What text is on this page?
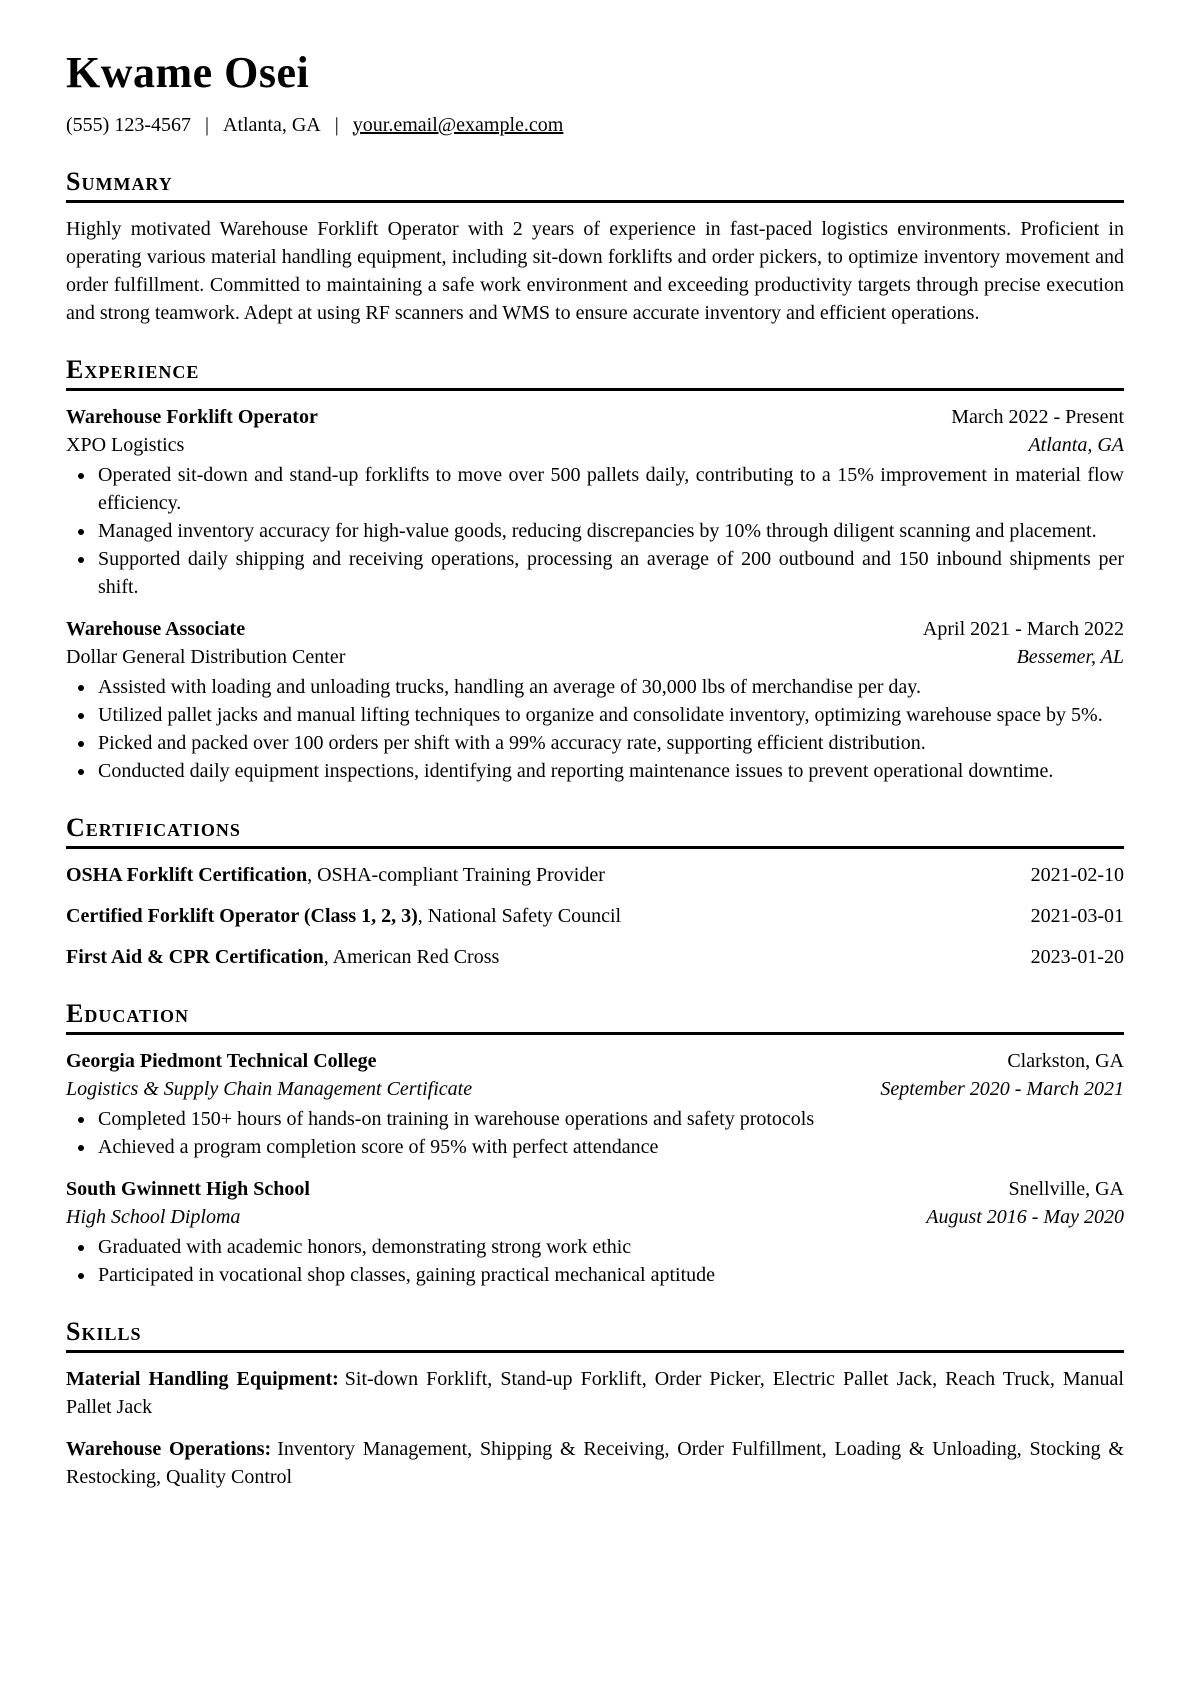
Kwame Osei
(555) 123-4567 | Atlanta, GA | your.email@example.com
Summary

Highly motivated Warehouse Forklift Operator with 2 years of experience in fast-paced logistics environments. Proficient in operating various material handling equipment, including sit-down forklifts and order pickers, to optimize inventory movement and order fulfillment. Committed to maintaining a safe work environment and exceeding productivity targets through precise execution and strong teamwork. Adept at using RF scanners and WMS to ensure accurate inventory and efficient operations.

Experience
Warehouse Forklift Operator	March 2022 - Present
XPO Logistics	Atlanta, GA
• Operated sit-down and stand-up forklifts to move over 500 pallets daily, contributing to a 15% improvement in material flow efficiency.
• Managed inventory accuracy for high-value goods, reducing discrepancies by 10% through diligent scanning and placement.
• Supported daily shipping and receiving operations, processing an average of 200 outbound and 150 inbound shipments per shift.
Warehouse Associate	April 2021 - March 2022
Dollar General Distribution Center	Bessemer, AL
• Assisted with loading and unloading trucks, handling an average of 30,000 lbs of merchandise per day.
• Utilized pallet jacks and manual lifting techniques to organize and consolidate inventory, optimizing warehouse space by 5%.
• Picked and packed over 100 orders per shift with a 99% accuracy rate, supporting efficient distribution.
• Conducted daily equipment inspections, identifying and reporting maintenance issues to prevent operational downtime.
Certifications
OSHA Forklift Certification, OSHA-compliant Training Provider	2021-02-10
Certified Forklift Operator (Class 1, 2, 3), National Safety Council	2021-03-01
First Aid & CPR Certification, American Red Cross	2023-01-20
Education
Georgia Piedmont Technical College	Clarkston, GA
Logistics & Supply Chain Management Certificate	September 2020 - March 2021
• Completed 150+ hours of hands-on training in warehouse operations and safety protocols
• Achieved a program completion score of 95% with perfect attendance
South Gwinnett High School	Snellville, GA
High School Diploma	August 2016 - May 2020
• Graduated with academic honors, demonstrating strong work ethic
• Participated in vocational shop classes, gaining practical mechanical aptitude
Skills

Material Handling Equipment: Sit-down Forklift, Stand-up Forklift, Order Picker, Electric Pallet Jack, Reach Truck, Manual Pallet Jack

Warehouse Operations: Inventory Management, Shipping & Receiving, Order Fulfillment, Loading & Unloading, Stocking & Restocking, Quality Control
